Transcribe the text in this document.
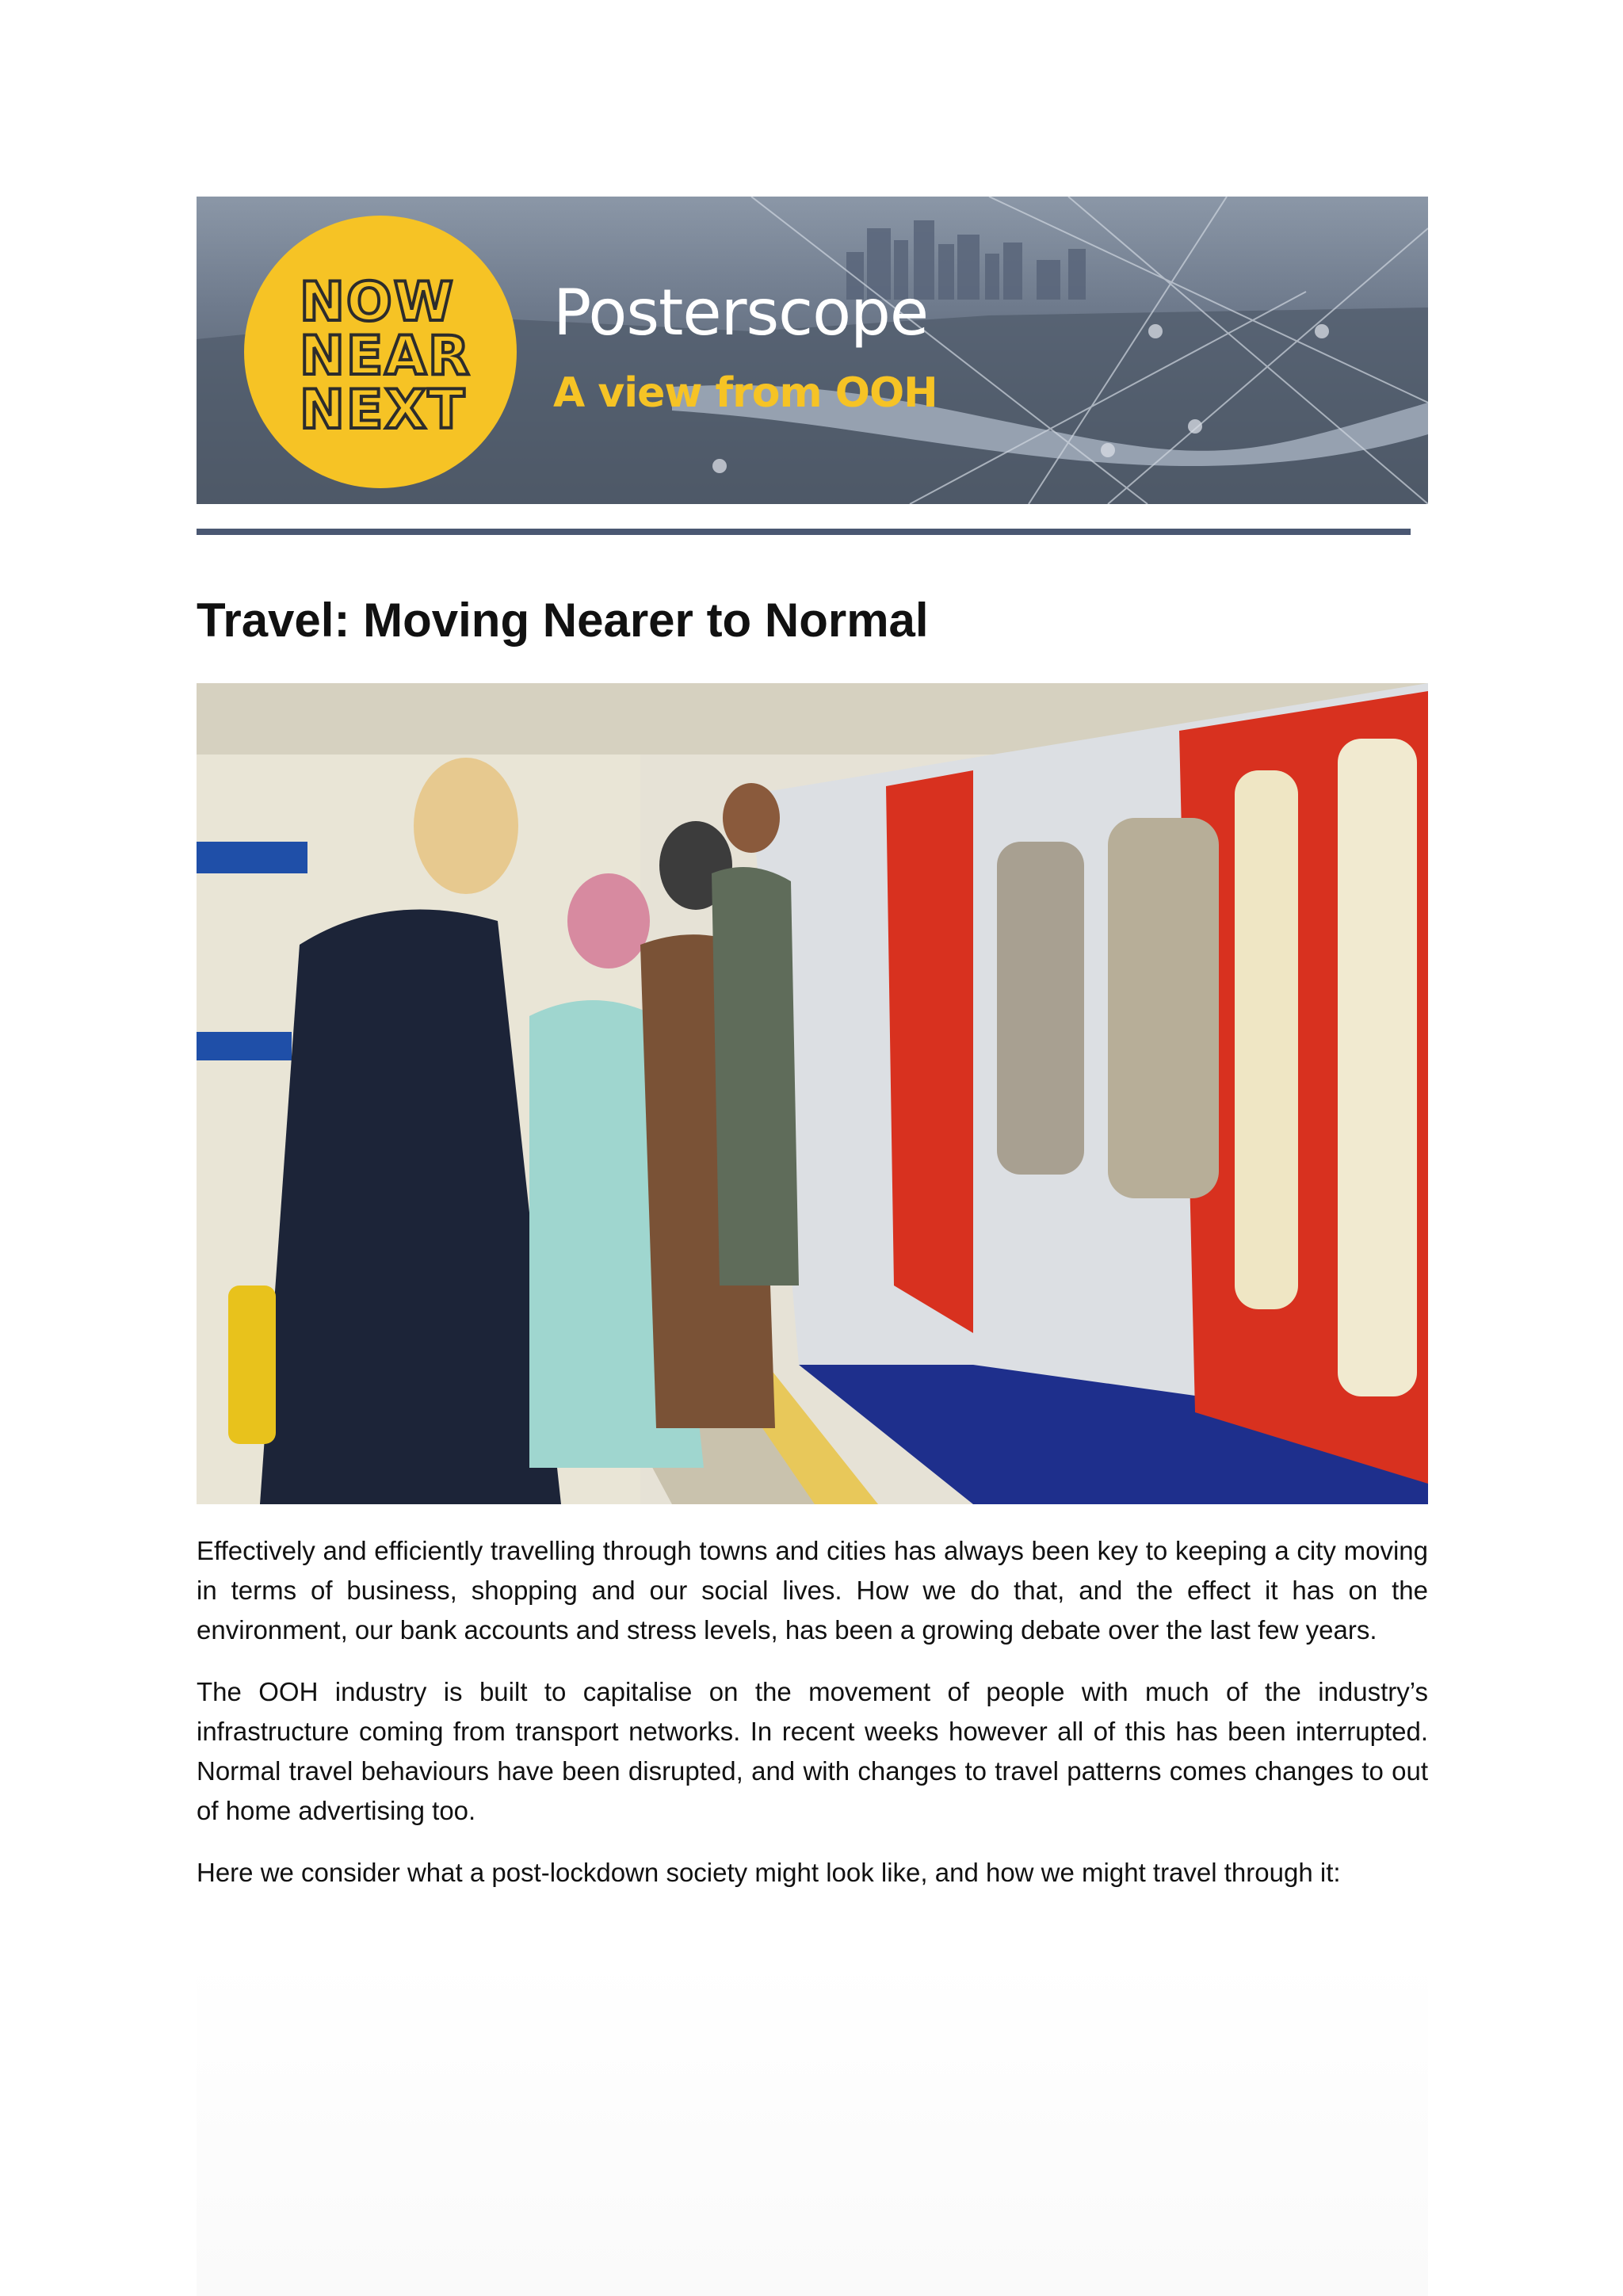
NOW
NEAR
NEXT
Posterscope
A view from OOH
Travel: Moving Nearer to Normal

Effectively and efficiently travelling through towns and cities has always been key to keeping a city moving in terms of business, shopping and our social lives. How we do that, and the effect it has on the environment, our bank accounts and stress levels, has been a growing debate over the last few years.

The OOH industry is built to capitalise on the movement of people with much of the industry’s infrastructure coming from transport networks. In recent weeks however all of this has been interrupted. Normal travel behaviours have been disrupted, and with changes to travel patterns comes changes to out of home advertising too.

Here we consider what a post-lockdown society might look like, and how we might travel through it:
